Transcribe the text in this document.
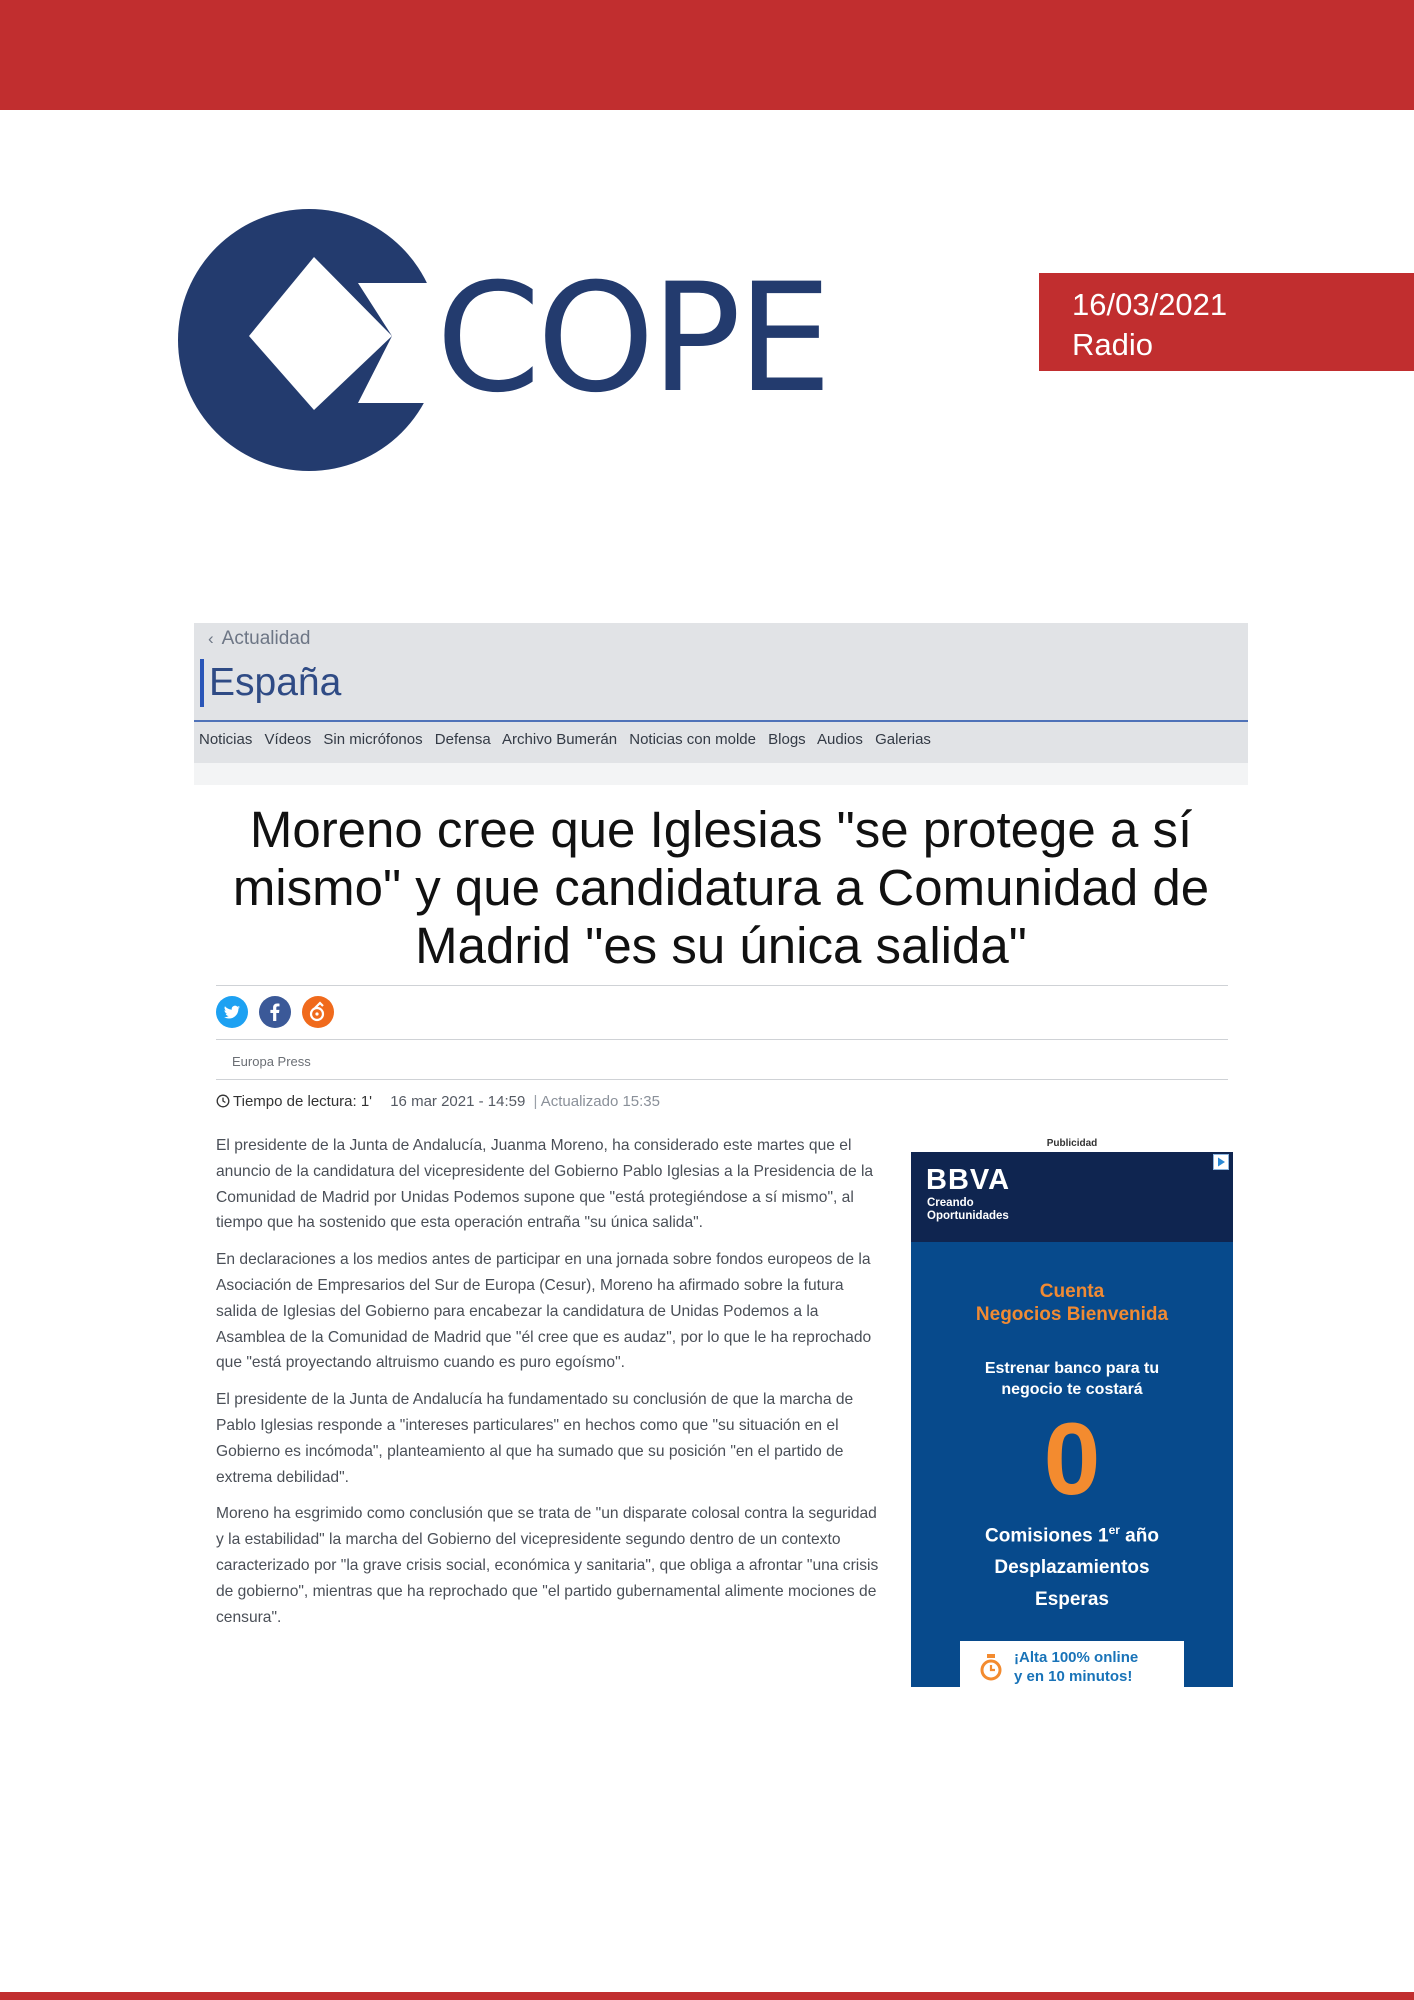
COPE	16/03/2021
Radio
‹ Actualidad
España
Noticias Vídeos Sin micrófonos Defensa Archivo Bumerán Noticias con molde Blogs Audios Galerias
Moreno cree que Iglesias "se protege a sí mismo" y que candidatura a Comunidad de Madrid "es su única salida"
Europa Press
Tiempo de lectura: 1' 16 mar 2021 - 14:59 | Actualizado 15:35

El presidente de la Junta de Andalucía, Juanma Moreno, ha considerado este martes que el anuncio de la candidatura del vicepresidente del Gobierno Pablo Iglesias a la Presidencia de la Comunidad de Madrid por Unidas Podemos supone que "está protegiéndose a sí mismo", al tiempo que ha sostenido que esta operación entraña "su única salida".

En declaraciones a los medios antes de participar en una jornada sobre fondos europeos de la Asociación de Empresarios del Sur de Europa (Cesur), Moreno ha afirmado sobre la futura salida de Iglesias del Gobierno para encabezar la candidatura de Unidas Podemos a la Asamblea de la Comunidad de Madrid que "él cree que es audaz", por lo que le ha reprochado que "está proyectando altruismo cuando es puro egoísmo".

El presidente de la Junta de Andalucía ha fundamentado su conclusión de que la marcha de Pablo Iglesias responde a "intereses particulares" en hechos como que "su situación en el Gobierno es incómoda", planteamiento al que ha sumado que su posición "en el partido de extrema debilidad".

Moreno ha esgrimido como conclusión que se trata de "un disparate colosal contra la seguridad y la estabilidad" la marcha del Gobierno del vicepresidente segundo dentro de un contexto caracterizado por "la grave crisis social, económica y sanitaria", que obliga a afrontar "una crisis de gobierno", mientras que ha reprochado que "el partido gubernamental alimente mociones de censura".

Publicidad
BBVA
Creando
Oportunidades
Cuenta
Negocios Bienvenida
Estrenar banco para tu
negocio te costará
0
Comisiones 1er año
Desplazamientos
Esperas
¡Alta 100% online
y en 10 minutos!
